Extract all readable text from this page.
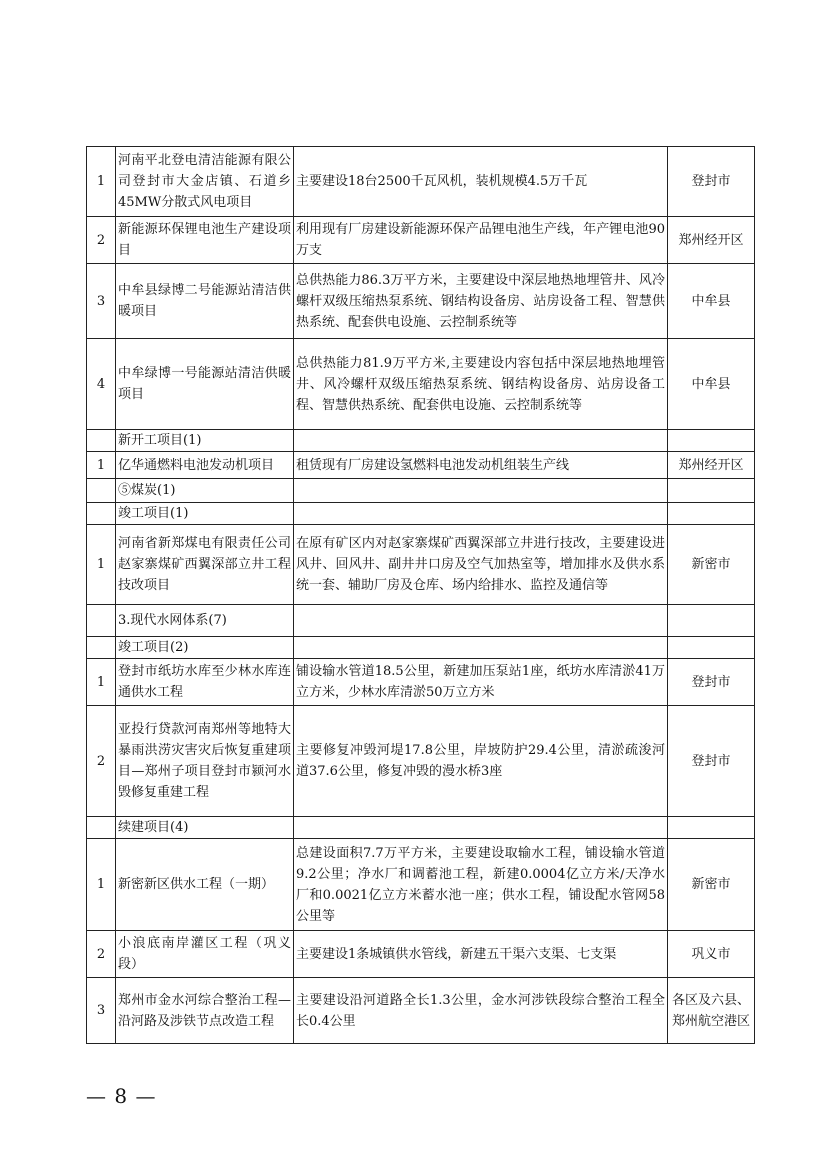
1	河南平北登电清洁能源有限公司登封市大金店镇、石道乡45MW分散式风电项目	主要建设18台2500千瓦风机，装机规模4.5万千瓦	登封市
2	新能源环保锂电池生产建设项目	利用现有厂房建设新能源环保产品锂电池生产线，年产锂电池90万支	郑州经开区
3	中牟县绿博二号能源站清洁供暖项目	总供热能力86.3万平方米，主要建设中深层地热地埋管井、风冷螺杆双级压缩热泵系统、钢结构设备房、站房设备工程、智慧供热系统、配套供电设施、云控制系统等	中牟县
4	中牟绿博一号能源站清洁供暖项目	总供热能力81.9万平方米,主要建设内容包括中深层地热地埋管井、风冷螺杆双级压缩热泵系统、钢结构设备房、站房设备工程、智慧供热系统、配套供电设施、云控制系统等	中牟县
	新开工项目(1)		
1	亿华通燃料电池发动机项目	租赁现有厂房建设氢燃料电池发动机组装生产线	郑州经开区
	⑤煤炭(1)		
	竣工项目(1)		
1	河南省新郑煤电有限责任公司赵家寨煤矿西翼深部立井工程技改项目	在原有矿区内对赵家寨煤矿西翼深部立井进行技改，主要建设进风井、回风井、副井井口房及空气加热室等，增加排水及供水系统一套、辅助厂房及仓库、场内给排水、监控及通信等	新密市
	3.现代水网体系(7)		
	竣工项目(2)		
1	登封市纸坊水库至少林水库连通供水工程	铺设输水管道18.5公里，新建加压泵站1座，纸坊水库清淤41万立方米，少林水库清淤50万立方米	登封市
2	亚投行贷款河南郑州等地特大暴雨洪涝灾害灾后恢复重建项目—郑州子项目登封市颍河水毁修复重建工程	主要修复冲毁河堤17.8公里，岸坡防护29.4公里，清淤疏浚河道37.6公里，修复冲毁的漫水桥3座	登封市
	续建项目(4)		
1	新密新区供水工程（一期）	总建设面积7.7万平方米，主要建设取输水工程，铺设输水管道9.2公里；净水厂和调蓄池工程，新建0.0004亿立方米/天净水厂和0.0021亿立方米蓄水池一座；供水工程，铺设配水管网58公里等	新密市
2	小浪底南岸灌区工程（巩义段）	主要建设1条城镇供水管线，新建五干渠六支渠、七支渠	巩义市
3	郑州市金水河综合整治工程—沿河路及涉铁节点改造工程	主要建设沿河道路全长1.3公里，金水河涉铁段综合整治工程全长0.4公里	各区及六县、郑州航空港区
— 8 —
